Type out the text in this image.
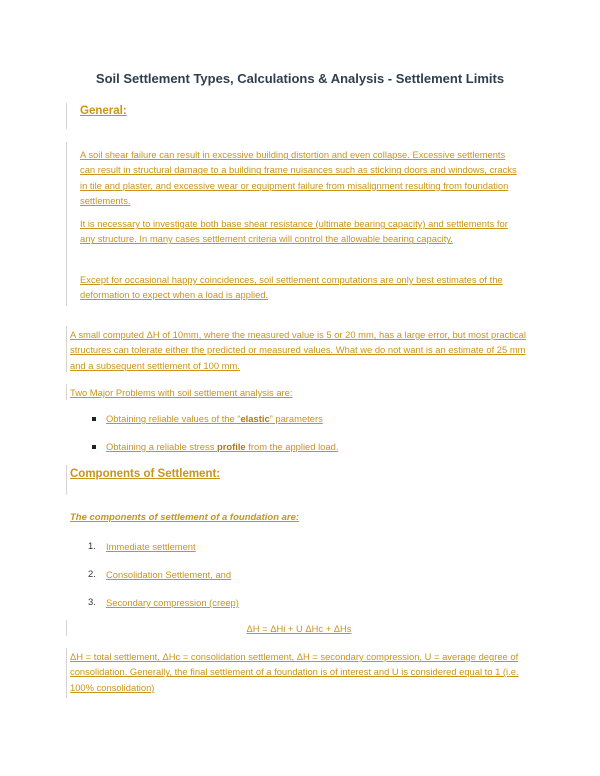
Soil Settlement Types, Calculations & Analysis - Settlement Limits
General:
A soil shear failure can result in excessive building distortion and even collapse. Excessive settlements can result in structural damage to a building frame nuisances such as sticking doors and windows, cracks in tile and plaster, and excessive wear or equipment failure from misalignment resulting from foundation settlements.
It is necessary to investigate both base shear resistance (ultimate bearing capacity) and settlements for any structure. In many cases settlement criteria will control the allowable bearing capacity.
Except for occasional happy coincidences, soil settlement computations are only best estimates of the deformation to expect when a load is applied.
A small computed ΔH of 10mm, where the measured value is 5 or 20 mm, has a large error, but most practical structures can tolerate either the predicted or measured values. What we do not want is an estimate of 25 mm and a subsequent settlement of 100 mm.
Two Major Problems with soil settlement analysis are:
Obtaining reliable values of the “elastic” parameters
Obtaining a reliable stress profile from the applied load.
Components of Settlement:
The components of settlement of a foundation are:
1. Immediate settlement
2. Consolidation Settlement, and
3. Secondary compression (creep)
ΔH = ΔHi + U ΔHc + ΔHs
ΔH = total settlement, ΔHc = consolidation settlement, ΔH = secondary compression, U = average degree of consolidation. Generally, the final settlement of a foundation is of interest and U is considered equal to 1 (i.e. 100% consolidation)
